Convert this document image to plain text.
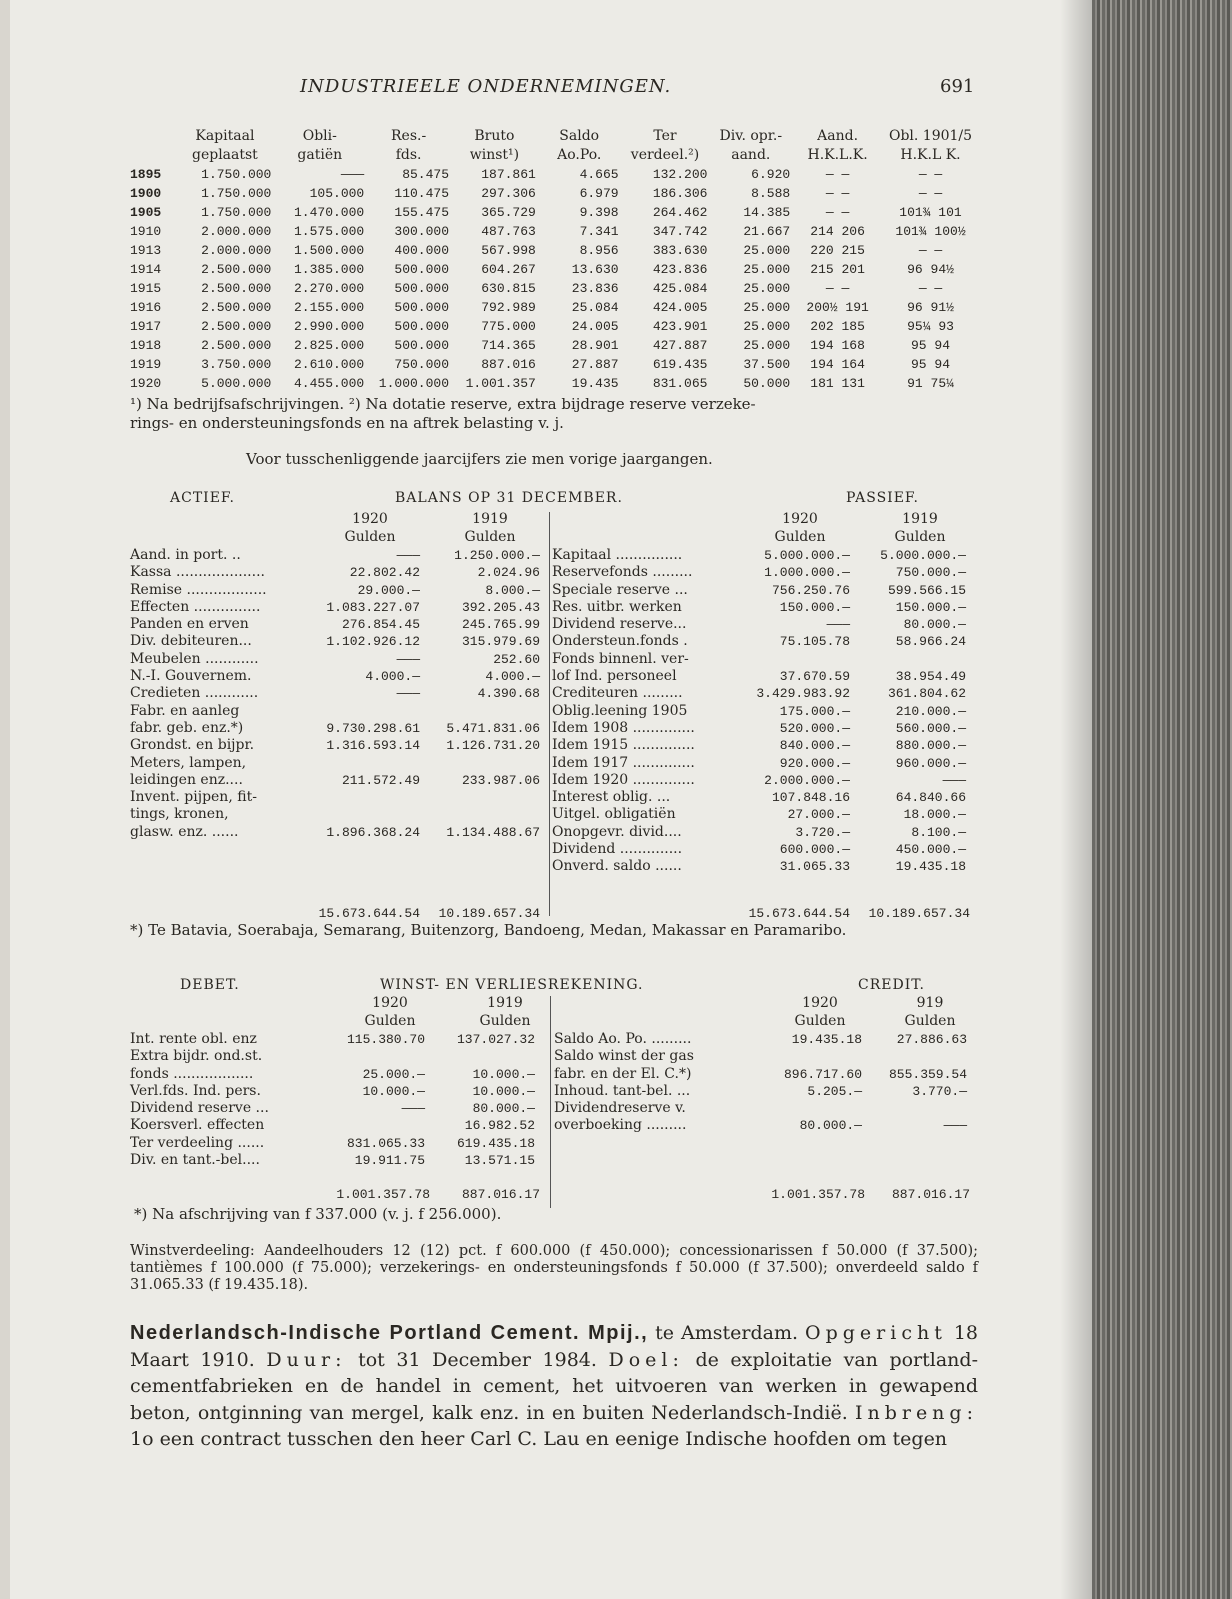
INDUSTRIEELE ONDERNEMINGEN.	691
	Kapitaal	Obli-	Res.-	Bruto	Saldo	Ter	Div. opr.-	Aand.	Obl. 1901/5
	geplaatst	gatiën	fds.	winst¹)	Ao.Po.	verdeel.²)	aand.	H.K.L.K.	H.K.L K.
1895	1.750.000	———	85.475	187.861	4.665	132.200	6.920	— —	— —
1900	1.750.000	105.000	110.475	297.306	6.979	186.306	8.588	— —	— —
1905	1.750.000	1.470.000	155.475	365.729	9.398	264.462	14.385	— —	101¾ 101
1910	2.000.000	1.575.000	300.000	487.763	7.341	347.742	21.667	214 206	101¾ 100½
1913	2.000.000	1.500.000	400.000	567.998	8.956	383.630	25.000	220 215	— —
1914	2.500.000	1.385.000	500.000	604.267	13.630	423.836	25.000	215 201	96 94½
1915	2.500.000	2.270.000	500.000	630.815	23.836	425.084	25.000	— —	— —
1916	2.500.000	2.155.000	500.000	792.989	25.084	424.005	25.000	200½ 191	96 91½
1917	2.500.000	2.990.000	500.000	775.000	24.005	423.901	25.000	202 185	95¼ 93
1918	2.500.000	2.825.000	500.000	714.365	28.901	427.887	25.000	194 168	95 94
1919	3.750.000	2.610.000	750.000	887.016	27.887	619.435	37.500	194 164	95 94
1920	5.000.000	4.455.000	1.000.000	1.001.357	19.435	831.065	50.000	181 131	91 75¼
¹) Na bedrijfsafschrijvingen. ²) Na dotatie reserve, extra bijdrage reserve verzeke-
rings- en ondersteuningsfonds en na aftrek belasting v. j.
Voor tusschenliggende jaarcijfers zie men vorige jaargangen.
ACTIEF.	BALANS OP 31 DECEMBER.	PASSIEF.
1920
Gulden
1919
Gulden
1920
Gulden
1919
Gulden
Aand. in port. ..	———	1.250.000.—
Kassa ....................	22.802.42	2.024.96
Remise ..................	29.000.—	8.000.—
Effecten ...............	1.083.227.07	392.205.43
Panden en erven	276.854.45	245.765.99
Div. debiteuren...	1.102.926.12	315.979.69
Meubelen ............	———	252.60
N.-I. Gouvernem.	4.000.—	4.000.—
Credieten ............	———	4.390.68
Fabr. en aanleg		
fabr. geb. enz.*)	9.730.298.61	5.471.831.06
Grondst. en bijpr.	1.316.593.14	1.126.731.20
Meters, lampen,		
leidingen enz....	211.572.49	233.987.06
Invent. pijpen, fit-		
tings, kronen,		
glasw. enz. ......	1.896.368.24	1.134.488.67
Kapitaal ...............	5.000.000.—	5.000.000.—
Reservefonds .........	1.000.000.—	750.000.—
Speciale reserve ...	756.250.76	599.566.15
Res. uitbr. werken	150.000.—	150.000.—
Dividend reserve...	———	80.000.—
Ondersteun.fonds .	75.105.78	58.966.24
Fonds binnenl. ver-		
lof Ind. personeel	37.670.59	38.954.49
Crediteuren .........	3.429.983.92	361.804.62
Oblig.leening 1905	175.000.—	210.000.—
Idem 1908 ..............	520.000.—	560.000.—
Idem 1915 ..............	840.000.—	880.000.—
Idem 1917 ..............	920.000.—	960.000.—
Idem 1920 ..............	2.000.000.—	———
Interest oblig. ...	107.848.16	64.840.66
Uitgel. obligatiën	27.000.—	18.000.—
Onopgevr. divid....	3.720.—	8.100.—
Dividend ..............	600.000.—	450.000.—
Onverd. saldo ......	31.065.33	19.435.18
15.673.644.54	10.189.657.34	15.673.644.54	10.189.657.34
*) Te Batavia, Soerabaja, Semarang, Buitenzorg, Bandoeng, Medan, Makassar en Paramaribo.
DEBET.	WINST- EN VERLIESREKENING.	CREDIT.
1920
Gulden
1919
Gulden
1920
Gulden
919
Gulden
Int. rente obl. enz	115.380.70	137.027.32
Extra bijdr. ond.st.		
fonds ..................	25.000.—	10.000.—
Verl.fds. Ind. pers.	10.000.—	10.000.—
Dividend reserve ...	———	80.000.—
Koersverl. effecten		16.982.52
Ter verdeeling ......	831.065.33	619.435.18
Div. en tant.-bel....	19.911.75	13.571.15
Saldo Ao. Po. .........	19.435.18	27.886.63
Saldo winst der gas		
fabr. en der El. C.*)	896.717.60	855.359.54
Inhoud. tant-bel. ...	5.205.—	3.770.—
Dividendreserve v.		
overboeking .........	80.000.—	———
1.001.357.78	887.016.17	1.001.357.78	887.016.17
*) Na afschrijving van f 337.000 (v. j. f 256.000).
Winstverdeeling: Aandeelhouders 12 (12) pct. f 600.000 (f 450.000); concessionarissen f 50.000 (f 37.500); tantièmes f 100.000 (f 75.000); verzekerings- en ondersteuningsfonds f 50.000 (f 37.500); onverdeeld saldo f 31.065.33 (f 19.435.18).
Nederlandsch-Indische Portland Cement. Mpij., te Amsterdam. Opgericht 18 Maart 1910. Duur: tot 31 December 1984. Doel: de exploitatie van portland-cementfabrieken en de handel in cement, het uitvoeren van werken in gewapend beton, ontginning van mergel, kalk enz. in en buiten Nederlandsch-Indië. Inbreng: 1o een contract tusschen den heer Carl C. Lau en eenige Indische hoofden om tegen
